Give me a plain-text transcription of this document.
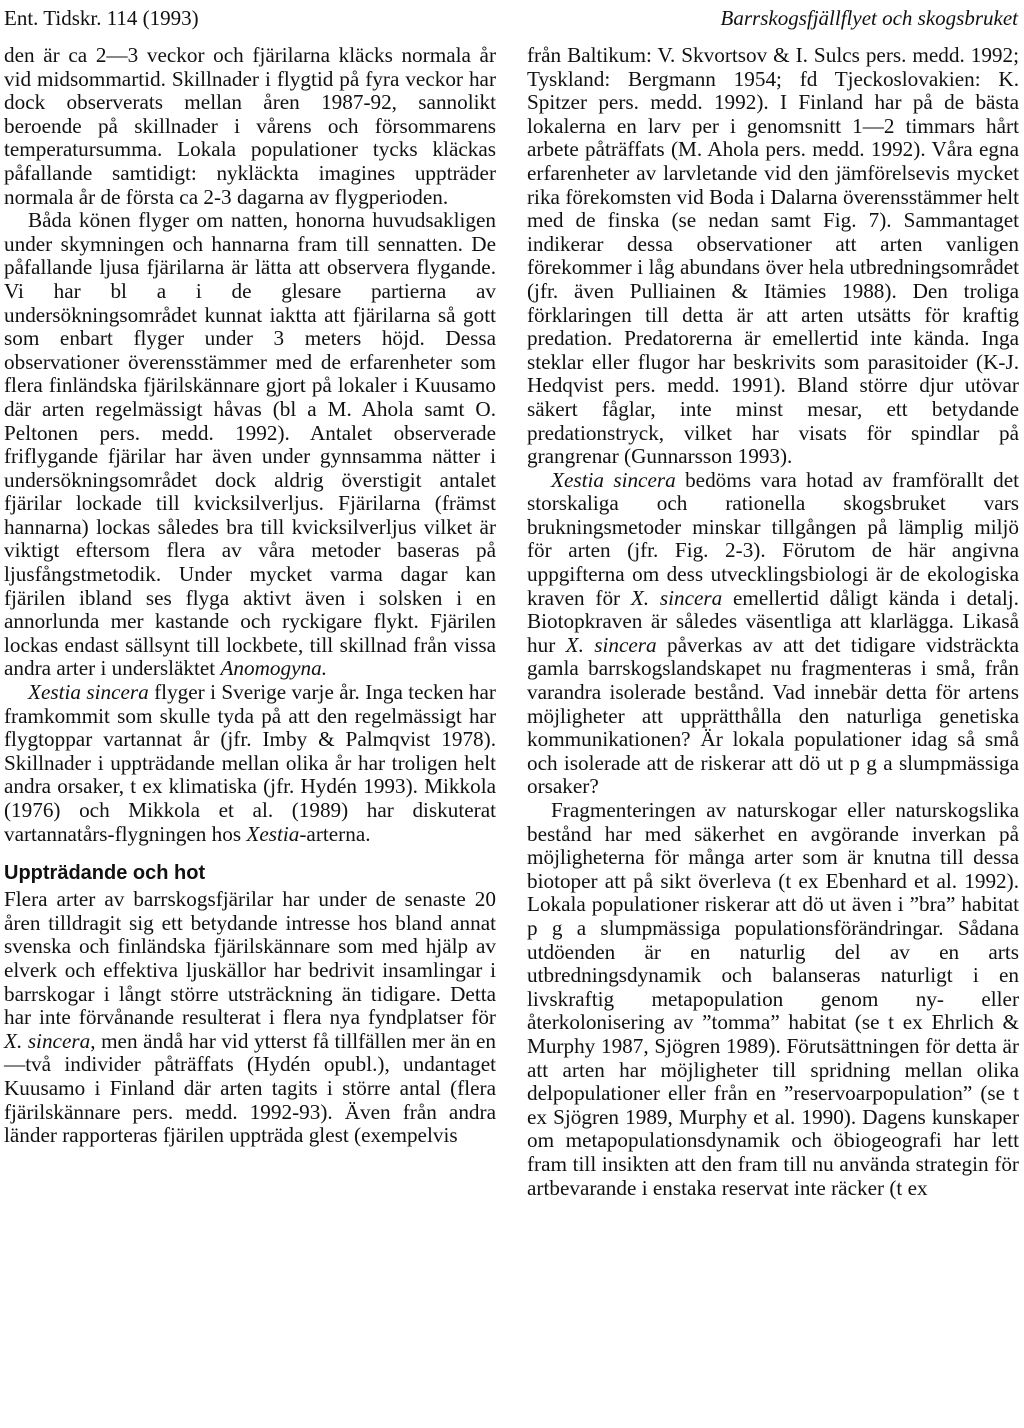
Ent. Tidskr. 114 (1993)	Barrskogsfjällflyet och skogsbruket

den är ca 2—3 veckor och fjärilarna kläcks normala år vid midsommartid. Skillnader i flygtid på fyra veckor har dock observerats mellan åren 1987-92, sannolikt beroende på skillnader i vårens och försommarens temperatursumma. Lokala populationer tycks kläckas påfallande samtidigt: nykläckta imagines uppträder normala år de första ca 2-3 dagarna av flygperioden.

Båda könen flyger om natten, honorna huvudsakligen under skymningen och hannarna fram till sennatten. De påfallande ljusa fjärilarna är lätta att observera flygande. Vi har bl a i de glesare partierna av undersökningsområdet kunnat iaktta att fjärilarna så gott som enbart flyger under 3 meters höjd. Dessa observationer överensstämmer med de erfarenheter som flera finländska fjärilskännare gjort på lokaler i Kuusamo där arten regelmässigt håvas (bl a M. Ahola samt O. Peltonen pers. medd. 1992). Antalet observerade friflygande fjärilar har även under gynnsamma nätter i undersökningsområdet dock aldrig överstigit antalet fjärilar lockade till kvicksilverljus. Fjärilarna (främst hannarna) lockas således bra till kvicksilverljus vilket är viktigt eftersom flera av våra metoder baseras på ljusfångstmetodik. Under mycket varma dagar kan fjärilen ibland ses flyga aktivt även i solsken i en annorlunda mer kastande och ryckigare flykt. Fjärilen lockas endast sällsynt till lockbete, till skillnad från vissa andra arter i undersläktet Anomogyna.

Xestia sincera flyger i Sverige varje år. Inga tecken har framkommit som skulle tyda på att den regelmässigt har flygtoppar vartannat år (jfr. Imby & Palmqvist 1978). Skillnader i uppträdande mellan olika år har troligen helt andra orsaker, t ex klimatiska (jfr. Hydén 1993). Mikkola (1976) och Mikkola et al. (1989) har diskuterat vartannatårs-flygningen hos Xestia-arterna.

Uppträdande och hot

Flera arter av barrskogsfjärilar har under de senaste 20 åren tilldragit sig ett betydande intresse hos bland annat svenska och finländska fjärilskännare som med hjälp av elverk och effektiva ljuskällor har bedrivit insamlingar i barrskogar i långt större utsträckning än tidigare. Detta har inte förvånande resulterat i flera nya fyndplatser för X. sincera, men ändå har vid ytterst få tillfällen mer än en—två individer påträffats (Hydén opubl.), undantaget Kuusamo i Finland där arten tagits i större antal (flera fjärilskännare pers. medd. 1992-93). Även från andra länder rapporteras fjärilen uppträda glest (exempelvis

från Baltikum: V. Skvortsov & I. Sulcs pers. medd. 1992; Tyskland: Bergmann 1954; fd Tjeckoslovakien: K. Spitzer pers. medd. 1992). I Finland har på de bästa lokalerna en larv per i genomsnitt 1—2 timmars hårt arbete påträffats (M. Ahola pers. medd. 1992). Våra egna erfarenheter av larvletande vid den jämförelsevis mycket rika förekomsten vid Boda i Dalarna överensstämmer helt med de finska (se nedan samt Fig. 7). Sammantaget indikerar dessa observationer att arten vanligen förekommer i låg abundans över hela utbredningsområdet (jfr. även Pulliainen & Itämies 1988). Den troliga förklaringen till detta är att arten utsätts för kraftig predation. Predatorerna är emellertid inte kända. Inga steklar eller flugor har beskrivits som parasitoider (K-J. Hedqvist pers. medd. 1991). Bland större djur utövar säkert fåglar, inte minst mesar, ett betydande predationstryck, vilket har visats för spindlar på grangrenar (Gunnarsson 1993).

Xestia sincera bedöms vara hotad av framförallt det storskaliga och rationella skogsbruket vars brukningsmetoder minskar tillgången på lämplig miljö för arten (jfr. Fig. 2-3). Förutom de här angivna uppgifterna om dess utvecklingsbiologi är de ekologiska kraven för X. sincera emellertid dåligt kända i detalj. Biotopkraven är således väsentliga att klarlägga. Likaså hur X. sincera påverkas av att det tidigare vidsträckta gamla barrskogslandskapet nu fragmenteras i små, från varandra isolerade bestånd. Vad innebär detta för artens möjligheter att upprätthålla den naturliga genetiska kommunikationen? Är lokala populationer idag så små och isolerade att de riskerar att dö ut p g a slumpmässiga orsaker?

Fragmenteringen av naturskogar eller naturskogslika bestånd har med säkerhet en avgörande inverkan på möjligheterna för många arter som är knutna till dessa biotoper att på sikt överleva (t ex Ebenhard et al. 1992). Lokala populationer riskerar att dö ut även i ”bra” habitat p g a slumpmässiga populationsförändringar. Sådana utdöenden är en naturlig del av en arts utbredningsdynamik och balanseras naturligt i en livskraftig metapopulation genom ny- eller återkolonisering av ”tomma” habitat (se t ex Ehrlich & Murphy 1987, Sjögren 1989). Förutsättningen för detta är att arten har möjligheter till spridning mellan olika delpopulationer eller från en ”reservoarpopulation” (se t ex Sjögren 1989, Murphy et al. 1990). Dagens kunskaper om metapopulationsdynamik och öbiogeografi har lett fram till insikten att den fram till nu använda strategin för artbevarande i enstaka reservat inte räcker (t ex
